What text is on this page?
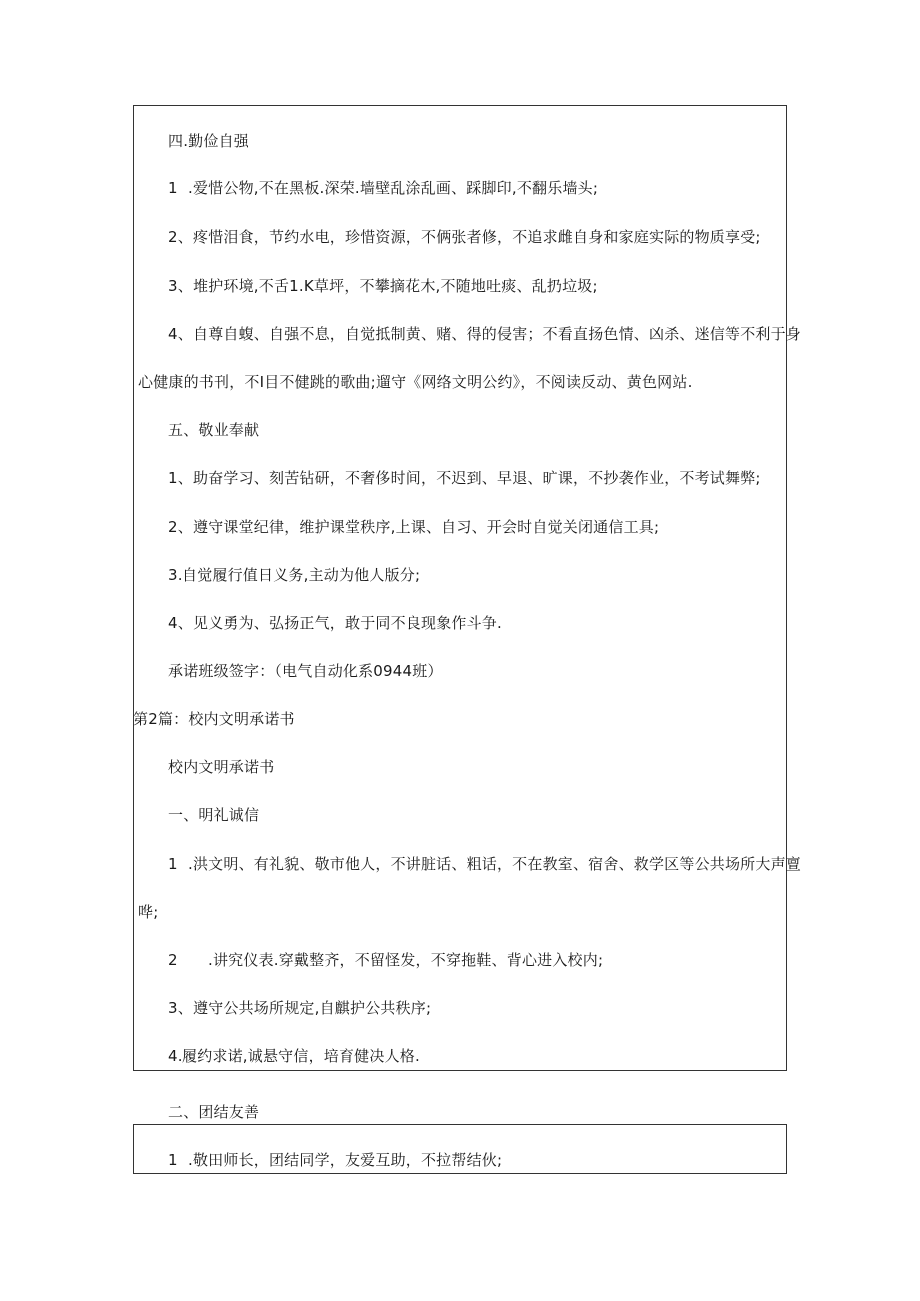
四.勤俭自强
1 .爱惜公物,不在黑板.深荣.墙壁乱涂乱画、踩脚印,不翻乐墙头;
2、疼惜泪食，节约水电，珍惜资源，不俩张者修，不追求雌自身和家庭实际的物质享受;
3、堆护环境,不舌1.K草坪，不攀摘花木,不随地吐痰、乱扔垃圾;
4、自尊自蝮、自强不息，自觉抵制黄、赌、得的侵害；不看直扬色情、凶杀、迷信等不利于身
心健康的书刊，不I目不健跳的歌曲;遛守《网络文明公约》，不阅读反动、黄色网站.
五、敬业奉献
1、助奋学习、刻苦钻研，不奢侈时间，不迟到、早退、旷课，不抄袭作业，不考试舞弊;
2、遵守课堂纪律，维护课堂秩序,上课、自习、开会时自觉关闭通信工具;
3.自觉履行值日义务,主动为他人版分;
4、见义勇为、弘扬正气，敢于同不良现象作斗争.
承诺班级签字：（电气自动化系0944班）
第2篇：校内文明承诺书
校内文明承诺书
一、明礼诚信
1 .洪文明、有礼貌、敬市他人，不讲脏话、粗话，不在教室、宿舍、救学区等公共场所大声亶
哗;
2 .讲究仪表.穿戴整齐，不留怪发，不穿拖鞋、背心进入校内;
3、遵守公共场所规定,自麒护公共秩序;
4.履约求诺,诚悬守信，培育健决人格.
二、团结友善
1 .敬田师长，团结同学，友爱互助，不拉帮结伙;
